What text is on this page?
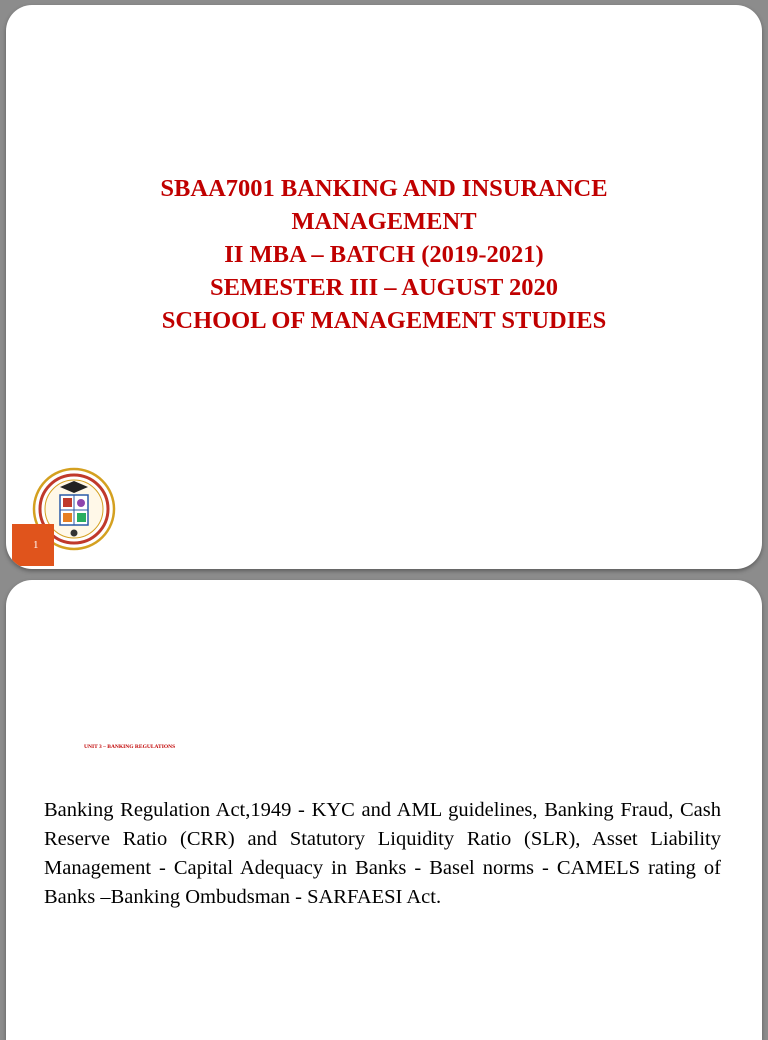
SBAA7001 BANKING AND INSURANCE
MANAGEMENT
II MBA – BATCH (2019-2021)
SEMESTER III – AUGUST 2020
SCHOOL OF MANAGEMENT STUDIES
1
UNIT 3 – BANKING REGULATIONS
Banking Regulation Act,1949 - KYC and AML guidelines, Banking Fraud, Cash Reserve Ratio (CRR) and Statutory Liquidity Ratio (SLR), Asset Liability Management - Capital Adequacy in Banks - Basel norms - CAMELS rating of Banks –Banking Ombudsman - SARFAESI Act.
